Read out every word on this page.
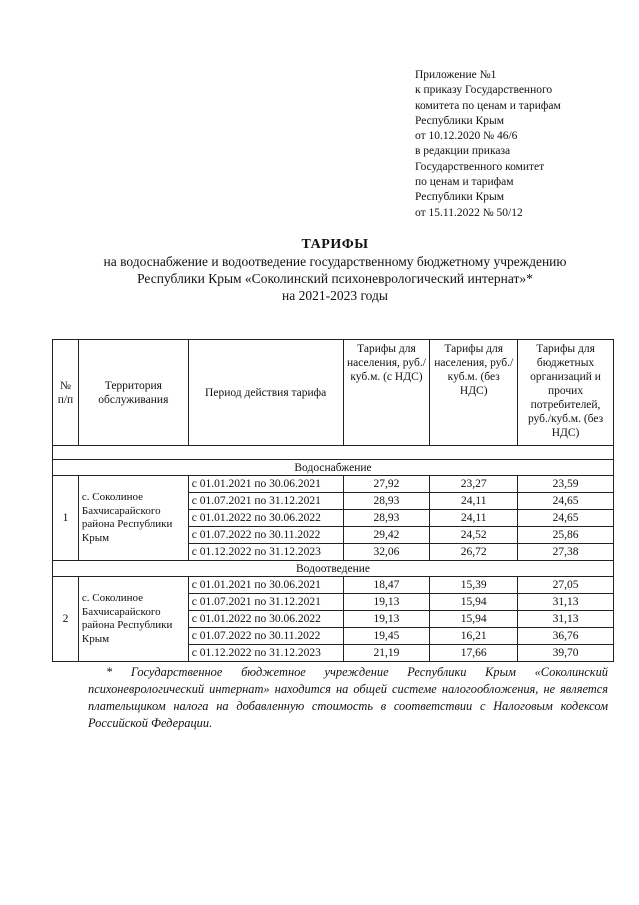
Приложение №1
к приказу Государственного
комитета по ценам и тарифам
Республики Крым
от 10.12.2020 № 46/6
в редакции приказа
Государственного комитет
по ценам и тарифам
Республики Крым
от 15.11.2022 № 50/12
ТАРИФЫ
на водоснабжение и водоотведение государственному бюджетному учреждению
Республики Крым «Соколинский психоневрологический интернат»*
на 2021-2023 годы
№ п/п	Территория обслуживания	Период действия тарифа	Тарифы для населения, руб./куб.м. (с НДС)	Тарифы для населения, руб./куб.м. (без НДС)	Тарифы для бюджетных организаций и прочих потребителей, руб./куб.м. (без НДС)

Водоснабжение					
1	с. Соколиное Бахчисарайского района Республики Крым	с 01.01.2021 по 30.06.2021	27,92	23,27	23,59
		с 01.07.2021 по 31.12.2021	28,93	24,11	24,65
		с 01.01.2022 по 30.06.2022	28,93	24,11	24,65
		с 01.07.2022 по 30.11.2022	29,42	24,52	25,86
		с 01.12.2022 по 31.12.2023	32,06	26,72	27,38
Водоотведение					
2	с. Соколиное Бахчисарайского района Республики Крым	с 01.01.2021 по 30.06.2021	18,47	15,39	27,05
		с 01.07.2021 по 31.12.2021	19,13	15,94	31,13
		с 01.01.2022 по 30.06.2022	19,13	15,94	31,13
		с 01.07.2022 по 30.11.2022	19,45	16,21	36,76
		с 01.12.2022 по 31.12.2023	21,19	17,66	39,70
* Государственное бюджетное учреждение Республики Крым «Соколинский психоневрологический интернат» находится на общей системе налогообложения, не является плательщиком налога на добавленную стоимость в соответствии с Налоговым кодексом Российской Федерации.
